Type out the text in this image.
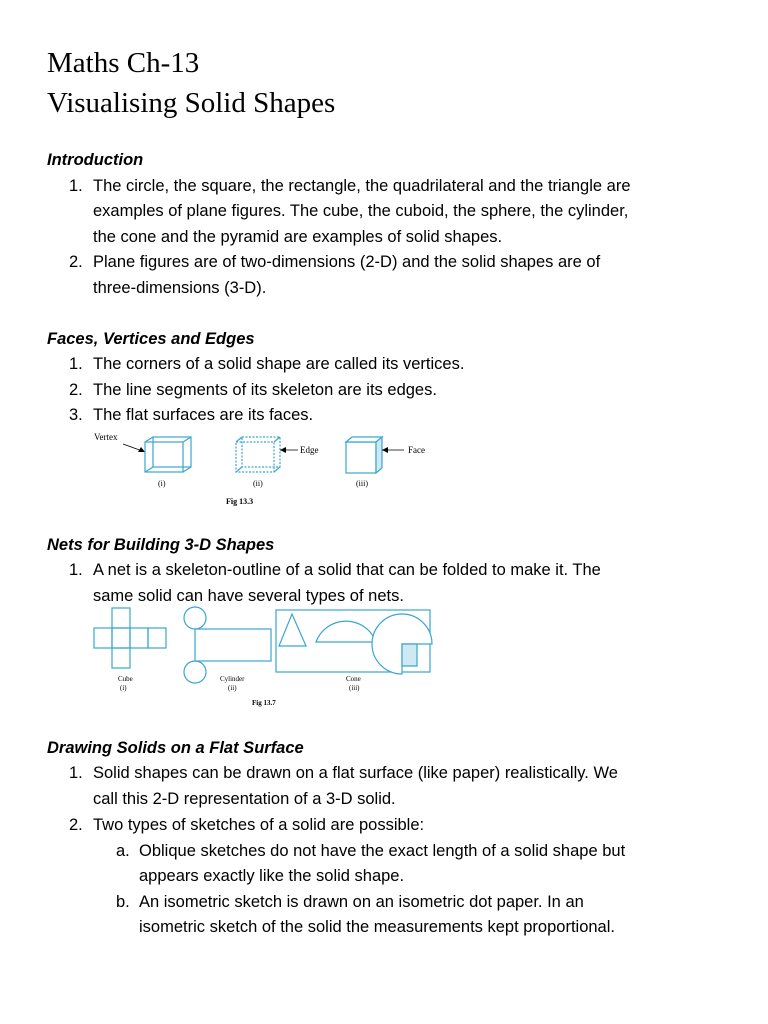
Maths Ch-13
Visualising Solid Shapes
Introduction
1. The circle, the square, the rectangle, the quadrilateral and the triangle are

examples of plane figures. The cube, the cuboid, the sphere, the cylinder,

the cone and the pyramid are examples of solid shapes.

2. Plane figures are of two-dimensions (2-D) and the solid shapes are of

three-dimensions (3-D).

Faces, Vertices and Edges
1. The corners of a solid shape are called its vertices.

2. The line segments of its skeleton are its edges.

3. The flat surfaces are its faces.

Vertex
(i)
Edge
(ii)
Face
(iii)
Fig 13.3
Nets for Building 3-D Shapes
1. A net is a skeleton-outline of a solid that can be folded to make it. The

same solid can have several types of nets.

Cube
(i)
Cylinder
(ii)
Cone
(iii)
Fig 13.7
Drawing Solids on a Flat Surface
1. Solid shapes can be drawn on a flat surface (like paper) realistically. We

call this 2-D representation of a 3-D solid.

2. Two types of sketches of a solid are possible:

a. Oblique sketches do not have the exact length of a solid shape but

appears exactly like the solid shape.

b. An isometric sketch is drawn on an isometric dot paper. In an

isometric sketch of the solid the measurements kept proportional.
